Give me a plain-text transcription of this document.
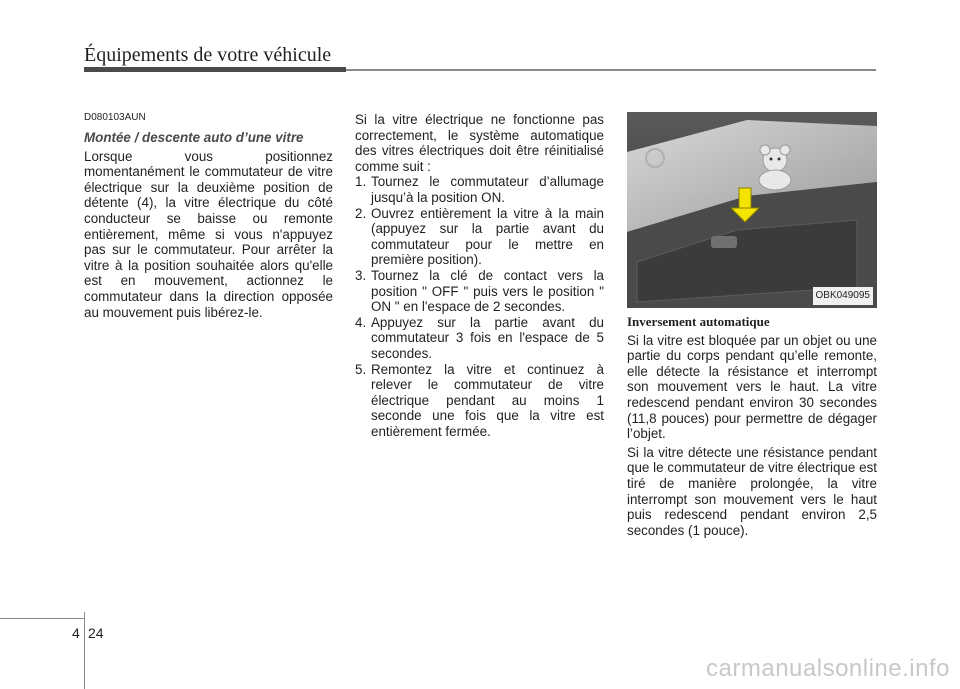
Équipements de votre véhicule

D080103AUN

Montée / descente auto d’une vitre

Lorsque vous positionnez momentanément le commutateur de vitre électrique sur la deuxième position de détente (4), la vitre électrique du côté conducteur se baisse ou remonte entièrement, même si vous n'appuyez pas sur le commutateur. Pour arrêter la vitre à la position souhaitée alors qu'elle est en mouvement, actionnez le commutateur dans la direction opposée au mouvement puis libérez-le.

Si la vitre électrique ne fonctionne pas correctement, le système automatique des vitres électriques doit être réinitialisé comme suit :

1. Tournez le commutateur d’allumage jusqu’à la position ON.
2. Ouvrez entièrement la vitre à la main (appuyez sur la partie avant du commutateur pour le mettre en première position).
3. Tournez la clé de contact vers la position " OFF " puis vers le position " ON " en l'espace de 2 secondes.
4. Appuyez sur la partie avant du commutateur 3 fois en l'espace de 5 secondes.
5. Remontez la vitre et continuez à relever le commutateur de vitre électrique pendant au moins 1 seconde une fois que la vitre est entièrement fermée.
OBK049095

Inversement automatique

Si la vitre est bloquée par un objet ou une partie du corps pendant qu’elle remonte, elle détecte la résistance et interrompt son mouvement vers le haut. La vitre redescend pendant environ 30 secondes (11,8 pouces) pour permettre de dégager l’objet.

Si la vitre détecte une résistance pendant que le commutateur de vitre électrique est tiré de manière prolongée, la vitre interrompt son mouvement vers le haut puis redescend pendant environ 2,5 secondes (1 pouce).

4 24
carmanualsonline.info
